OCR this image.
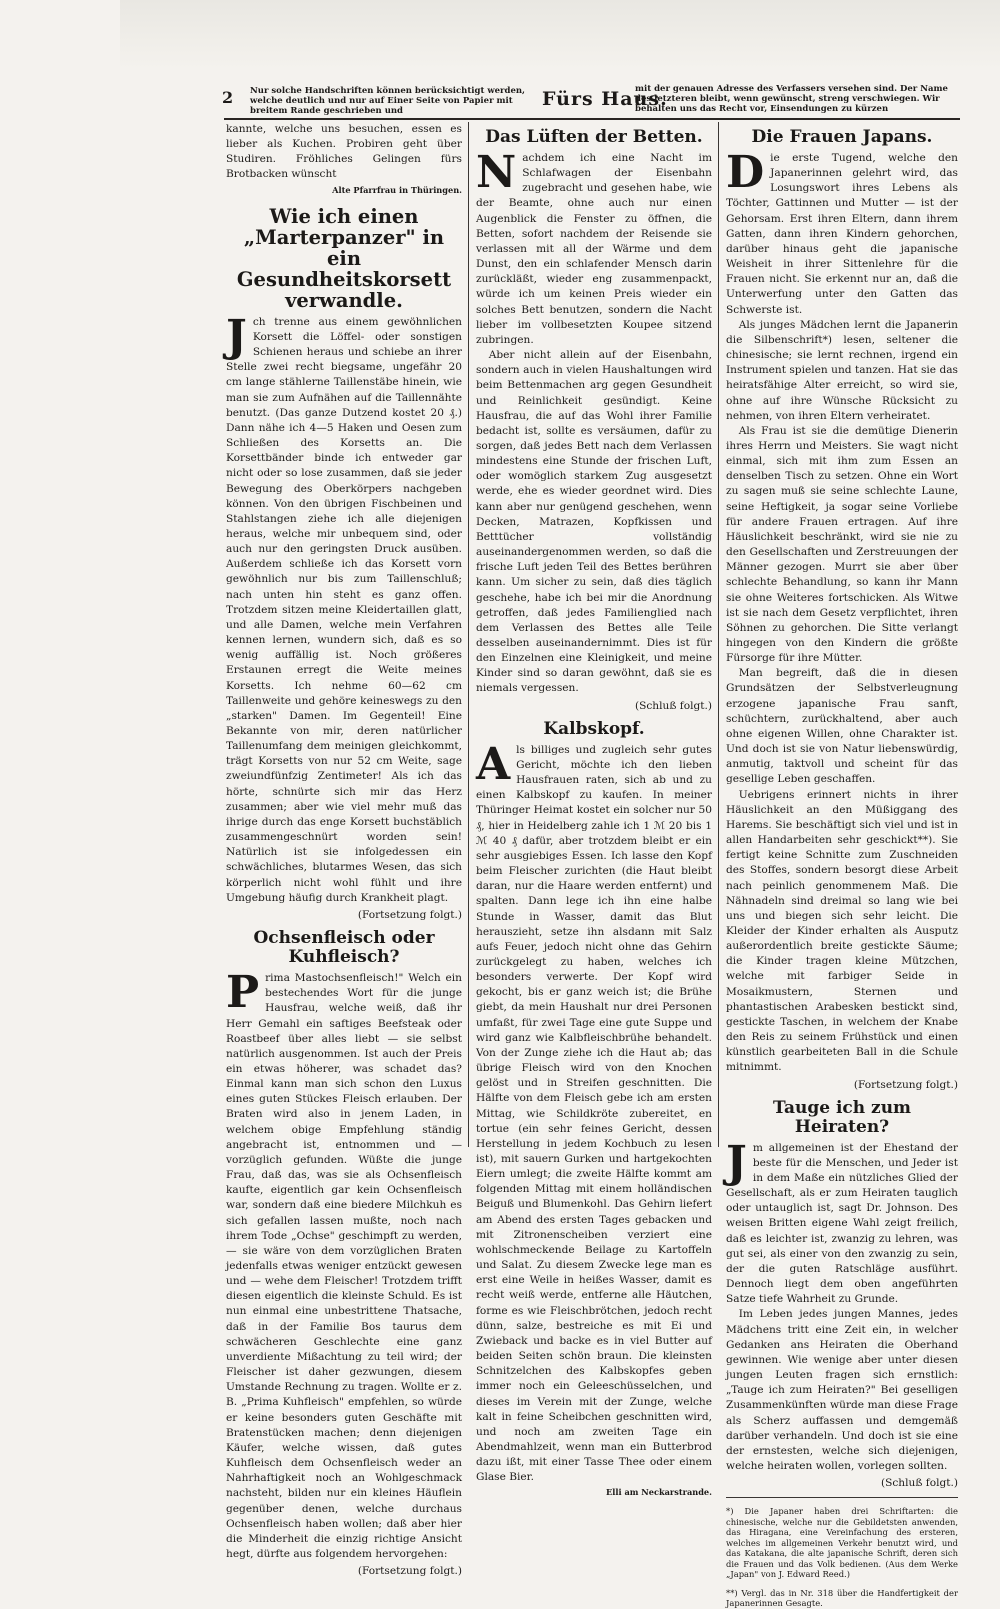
2 Nur solche Handschriften können berücksichtigt werden, welche deutlich und nur auf Einer Seite von Papier mit breitem Rande geschrieben und
Fürs Haus.
mit der genauen Adresse des Verfassers versehen sind. Der Name des letzteren bleibt, wenn gewünscht, streng verschwiegen. Wir behalten uns das Recht vor, Einsendungen zu kürzen

kannte, welche uns besuchen, essen es lieber als Kuchen. Probiren geht über Studiren. Fröhliches Gelingen fürs Brotbacken wünscht

Alte Pfarrfrau in Thüringen.
Wie ich einen „Marterpanzer" in ein Gesundheitskorsett verwandle.

Jch trenne aus einem gewöhnlichen Korsett die Löffel- oder sonstigen Schienen heraus und schiebe an ihrer Stelle zwei recht biegsame, ungefähr 20 cm lange stählerne Taillenstäbe hinein, wie man sie zum Aufnähen auf die Taillennähte benutzt. (Das ganze Dutzend kostet 20 ₰.) Dann nähe ich 4—5 Haken und Oesen zum Schließen des Korsetts an. Die Korsettbänder binde ich entweder gar nicht oder so lose zusammen, daß sie jeder Bewegung des Oberkörpers nachgeben können. Von den übrigen Fischbeinen und Stahlstangen ziehe ich alle diejenigen heraus, welche mir unbequem sind, oder auch nur den geringsten Druck ausüben. Außerdem schließe ich das Korsett vorn gewöhnlich nur bis zum Taillenschluß; nach unten hin steht es ganz offen. Trotzdem sitzen meine Kleidertaillen glatt, und alle Damen, welche mein Verfahren kennen lernen, wundern sich, daß es so wenig auffällig ist. Noch größeres Erstaunen erregt die Weite meines Korsetts. Ich nehme 60—62 cm Taillenweite und gehöre keineswegs zu den „starken" Damen. Im Gegenteil! Eine Bekannte von mir, deren natürlicher Taillenumfang dem meinigen gleichkommt, trägt Korsetts von nur 52 cm Weite, sage zweiundfünfzig Zentimeter! Als ich das hörte, schnürte sich mir das Herz zusammen; aber wie viel mehr muß das ihrige durch das enge Korsett buchstäblich zusammengeschnürt worden sein! Natürlich ist sie infolgedessen ein schwächliches, blutarmes Wesen, das sich körperlich nicht wohl fühlt und ihre Umgebung häufig durch Krankheit plagt.

(Fortsetzung folgt.)
Ochsenfleisch oder Kuhfleisch?

Prima Mastochsenfleisch!" Welch ein bestechendes Wort für die junge Hausfrau, welche weiß, daß ihr Herr Gemahl ein saftiges Beefsteak oder Roastbeef über alles liebt — sie selbst natürlich ausgenommen. Ist auch der Preis ein etwas höherer, was schadet das? Einmal kann man sich schon den Luxus eines guten Stückes Fleisch erlauben. Der Braten wird also in jenem Laden, in welchem obige Empfehlung ständig angebracht ist, entnommen und — vorzüglich gefunden. Wüßte die junge Frau, daß das, was sie als Ochsenfleisch kaufte, eigentlich gar kein Ochsenfleisch war, sondern daß eine biedere Milchkuh es sich gefallen lassen mußte, noch nach ihrem Tode „Ochse" geschimpft zu werden, — sie wäre von dem vorzüglichen Braten jedenfalls etwas weniger entzückt gewesen und — wehe dem Fleischer! Trotzdem trifft diesen eigentlich die kleinste Schuld. Es ist nun einmal eine unbestrittene Thatsache, daß in der Familie Bos taurus dem schwächeren Geschlechte eine ganz unverdiente Mißachtung zu teil wird; der Fleischer ist daher gezwungen, diesem Umstande Rechnung zu tragen. Wollte er z. B. „Prima Kuhfleisch" empfehlen, so würde er keine besonders guten Geschäfte mit Bratenstücken machen; denn diejenigen Käufer, welche wissen, daß gutes Kuhfleisch dem Ochsenfleisch weder an Nahrhaftigkeit noch an Wohlgeschmack nachsteht, bilden nur ein kleines Häuflein gegenüber denen, welche durchaus Ochsenfleisch haben wollen; daß aber hier die Minderheit die einzig richtige Ansicht hegt, dürfte aus folgendem hervorgehen:

(Fortsetzung folgt.)
Das Lüften der Betten.

Nachdem ich eine Nacht im Schlafwagen der Eisenbahn zugebracht und gesehen habe, wie der Beamte, ohne auch nur einen Augenblick die Fenster zu öffnen, die Betten, sofort nachdem der Reisende sie verlassen mit all der Wärme und dem Dunst, den ein schlafender Mensch darin zurückläßt, wieder eng zusammenpackt, würde ich um keinen Preis wieder ein solches Bett benutzen, sondern die Nacht lieber im vollbesetzten Koupee sitzend zubringen.

Aber nicht allein auf der Eisenbahn, sondern auch in vielen Haushaltungen wird beim Bettenmachen arg gegen Gesundheit und Reinlichkeit gesündigt. Keine Hausfrau, die auf das Wohl ihrer Familie bedacht ist, sollte es versäumen, dafür zu sorgen, daß jedes Bett nach dem Verlassen mindestens eine Stunde der frischen Luft, oder womöglich starkem Zug ausgesetzt werde, ehe es wieder geordnet wird. Dies kann aber nur genügend geschehen, wenn Decken, Matrazen, Kopfkissen und Betttücher vollständig auseinandergenommen werden, so daß die frische Luft jeden Teil des Bettes berühren kann. Um sicher zu sein, daß dies täglich geschehe, habe ich bei mir die Anordnung getroffen, daß jedes Familienglied nach dem Verlassen des Bettes alle Teile desselben auseinandernimmt. Dies ist für den Einzelnen eine Kleinigkeit, und meine Kinder sind so daran gewöhnt, daß sie es niemals vergessen.

(Schluß folgt.)
Kalbskopf.

Als billiges und zugleich sehr gutes Gericht, möchte ich den lieben Hausfrauen raten, sich ab und zu einen Kalbskopf zu kaufen. In meiner Thüringer Heimat kostet ein solcher nur 50 ₰, hier in Heidelberg zahle ich 1 ℳ 20 bis 1 ℳ 40 ₰ dafür, aber trotzdem bleibt er ein sehr ausgiebiges Essen. Ich lasse den Kopf beim Fleischer zurichten (die Haut bleibt daran, nur die Haare werden entfernt) und spalten. Dann lege ich ihn eine halbe Stunde in Wasser, damit das Blut herauszieht, setze ihn alsdann mit Salz aufs Feuer, jedoch nicht ohne das Gehirn zurückgelegt zu haben, welches ich besonders verwerte. Der Kopf wird gekocht, bis er ganz weich ist; die Brühe giebt, da mein Haushalt nur drei Personen umfaßt, für zwei Tage eine gute Suppe und wird ganz wie Kalbfleischbrühe behandelt. Von der Zunge ziehe ich die Haut ab; das übrige Fleisch wird von den Knochen gelöst und in Streifen geschnitten. Die Hälfte von dem Fleisch gebe ich am ersten Mittag, wie Schildkröte zubereitet, en tortue (ein sehr feines Gericht, dessen Herstellung in jedem Kochbuch zu lesen ist), mit sauern Gurken und hartgekochten Eiern umlegt; die zweite Hälfte kommt am folgenden Mittag mit einem holländischen Beiguß und Blumenkohl. Das Gehirn liefert am Abend des ersten Tages gebacken und mit Zitronenscheiben verziert eine wohlschmeckende Beilage zu Kartoffeln und Salat. Zu diesem Zwecke lege man es erst eine Weile in heißes Wasser, damit es recht weiß werde, entferne alle Häutchen, forme es wie Fleischbrötchen, jedoch recht dünn, salze, bestreiche es mit Ei und Zwieback und backe es in viel Butter auf beiden Seiten schön braun. Die kleinsten Schnitzelchen des Kalbskopfes geben immer noch ein Geleeschüsselchen, und dieses im Verein mit der Zunge, welche kalt in feine Scheibchen geschnitten wird, und noch am zweiten Tage ein Abendmahlzeit, wenn man ein Butterbrod dazu ißt, mit einer Tasse Thee oder einem Glase Bier.

Elli am Neckarstrande.
Die Frauen Japans.

Die erste Tugend, welche den Japanerinnen gelehrt wird, das Losungswort ihres Lebens als Töchter, Gattinnen und Mutter — ist der Gehorsam. Erst ihren Eltern, dann ihrem Gatten, dann ihren Kindern gehorchen, darüber hinaus geht die japanische Weisheit in ihrer Sittenlehre für die Frauen nicht. Sie erkennt nur an, daß die Unterwerfung unter den Gatten das Schwerste ist.

Als junges Mädchen lernt die Japanerin die Silbenschrift*) lesen, seltener die chinesische; sie lernt rechnen, irgend ein Instrument spielen und tanzen. Hat sie das heiratsfähige Alter erreicht, so wird sie, ohne auf ihre Wünsche Rücksicht zu nehmen, von ihren Eltern verheiratet.

Als Frau ist sie die demütige Dienerin ihres Herrn und Meisters. Sie wagt nicht einmal, sich mit ihm zum Essen an denselben Tisch zu setzen. Ohne ein Wort zu sagen muß sie seine schlechte Laune, seine Heftigkeit, ja sogar seine Vorliebe für andere Frauen ertragen. Auf ihre Häuslichkeit beschränkt, wird sie nie zu den Gesellschaften und Zerstreuungen der Männer gezogen. Murrt sie aber über schlechte Behandlung, so kann ihr Mann sie ohne Weiteres fortschicken. Als Witwe ist sie nach dem Gesetz verpflichtet, ihren Söhnen zu gehorchen. Die Sitte verlangt hingegen von den Kindern die größte Fürsorge für ihre Mütter.

Man begreift, daß die in diesen Grundsätzen der Selbstverleugnung erzogene japanische Frau sanft, schüchtern, zurückhaltend, aber auch ohne eigenen Willen, ohne Charakter ist. Und doch ist sie von Natur liebenswürdig, anmutig, taktvoll und scheint für das gesellige Leben geschaffen.

Uebrigens erinnert nichts in ihrer Häuslichkeit an den Müßiggang des Harems. Sie beschäftigt sich viel und ist in allen Handarbeiten sehr geschickt**). Sie fertigt keine Schnitte zum Zuschneiden des Stoffes, sondern besorgt diese Arbeit nach peinlich genommenem Maß. Die Nähnadeln sind dreimal so lang wie bei uns und biegen sich sehr leicht. Die Kleider der Kinder erhalten als Ausputz außerordentlich breite gestickte Säume; die Kinder tragen kleine Mützchen, welche mit farbiger Seide in Mosaikmustern, Sternen und phantastischen Arabesken bestickt sind, gestickte Taschen, in welchem der Knabe den Reis zu seinem Frühstück und einen künstlich gearbeiteten Ball in die Schule mitnimmt.

(Fortsetzung folgt.)
Tauge ich zum Heiraten?

Jm allgemeinen ist der Ehestand der beste für die Menschen, und Jeder ist in dem Maße ein nützliches Glied der Gesellschaft, als er zum Heiraten tauglich oder untauglich ist, sagt Dr. Johnson. Des weisen Britten eigene Wahl zeigt freilich, daß es leichter ist, zwanzig zu lehren, was gut sei, als einer von den zwanzig zu sein, der die guten Ratschläge ausführt. Dennoch liegt dem oben angeführten Satze tiefe Wahrheit zu Grunde.

Im Leben jedes jungen Mannes, jedes Mädchens tritt eine Zeit ein, in welcher Gedanken ans Heiraten die Oberhand gewinnen. Wie wenige aber unter diesen jungen Leuten fragen sich ernstlich: „Tauge ich zum Heiraten?" Bei geselligen Zusammenkünften würde man diese Frage als Scherz auffassen und demgemäß darüber verhandeln. Und doch ist sie eine der ernstesten, welche sich diejenigen, welche heiraten wollen, vorlegen sollten.

(Schluß folgt.)

*) Die Japaner haben drei Schriftarten: die chinesische, welche nur die Gebildetsten anwenden, das Hiragana, eine Vereinfachung des ersteren, welches im allgemeinen Verkehr benutzt wird, und das Katakana, die alte japanische Schrift, deren sich die Frauen und das Volk bedienen. (Aus dem Werke „Japan" von J. Edward Reed.)

**) Vergl. das in Nr. 318 über die Handfertigkeit der Japanerinnen Gesagte.
